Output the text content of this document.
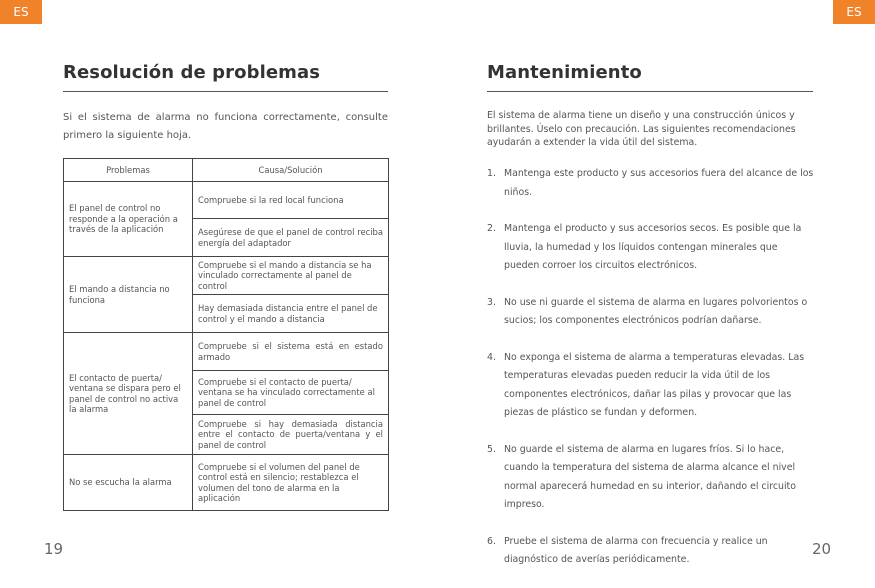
ES	ES
Resolución de problemas

Si el sistema de alarma no funciona correctamente, consulte primero la siguiente hoja.

Problemas	Causa/Solución
El panel de control no responde a la operación a través de la aplicación	Compruebe si la red local funciona
	Asegúrese de que el panel de control reciba energía del adaptador
El mando a distancia no funciona	Compruebe si el mando a distancia se ha vinculado correctamente al panel de control
	Hay demasiada distancia entre el panel de control y el mando a distancia
El contacto de puerta/ ventana se dispara pero el panel de control no activa la alarma	Compruebe si el sistema está en estado armado
	Compruebe si el contacto de puerta/ ventana se ha vinculado correctamente al panel de control
	Compruebe si hay demasiada distancia entre el contacto de puerta/ventana y el panel de control
No se escucha la alarma	Compruebe si el volumen del panel de control está en silencio; restablezca el volumen del tono de alarma en la aplicación
19
Mantenimiento

El sistema de alarma tiene un diseño y una construcción únicos y brillantes. Úselo con precaución. Las siguientes recomendaciones ayudarán a extender la vida útil del sistema.

1. Mantenga este producto y sus accesorios fuera del alcance de los niños.
2. Mantenga el producto y sus accesorios secos. Es posible que la lluvia, la humedad y los líquidos contengan minerales que pueden corroer los circuitos electrónicos.
3. No use ni guarde el sistema de alarma en lugares polvorientos o sucios; los componentes electrónicos podrían dañarse.
4. No exponga el sistema de alarma a temperaturas elevadas. Las temperaturas elevadas pueden reducir la vida útil de los componentes electrónicos, dañar las pilas y provocar que las piezas de plástico se fundan y deformen.
5. No guarde el sistema de alarma en lugares fríos. Si lo hace, cuando la temperatura del sistema de alarma alcance el nivel normal aparecerá humedad en su interior, dañando el circuito impreso.
6. Pruebe el sistema de alarma con frecuencia y realice un diagnóstico de averías periódicamente.
20
